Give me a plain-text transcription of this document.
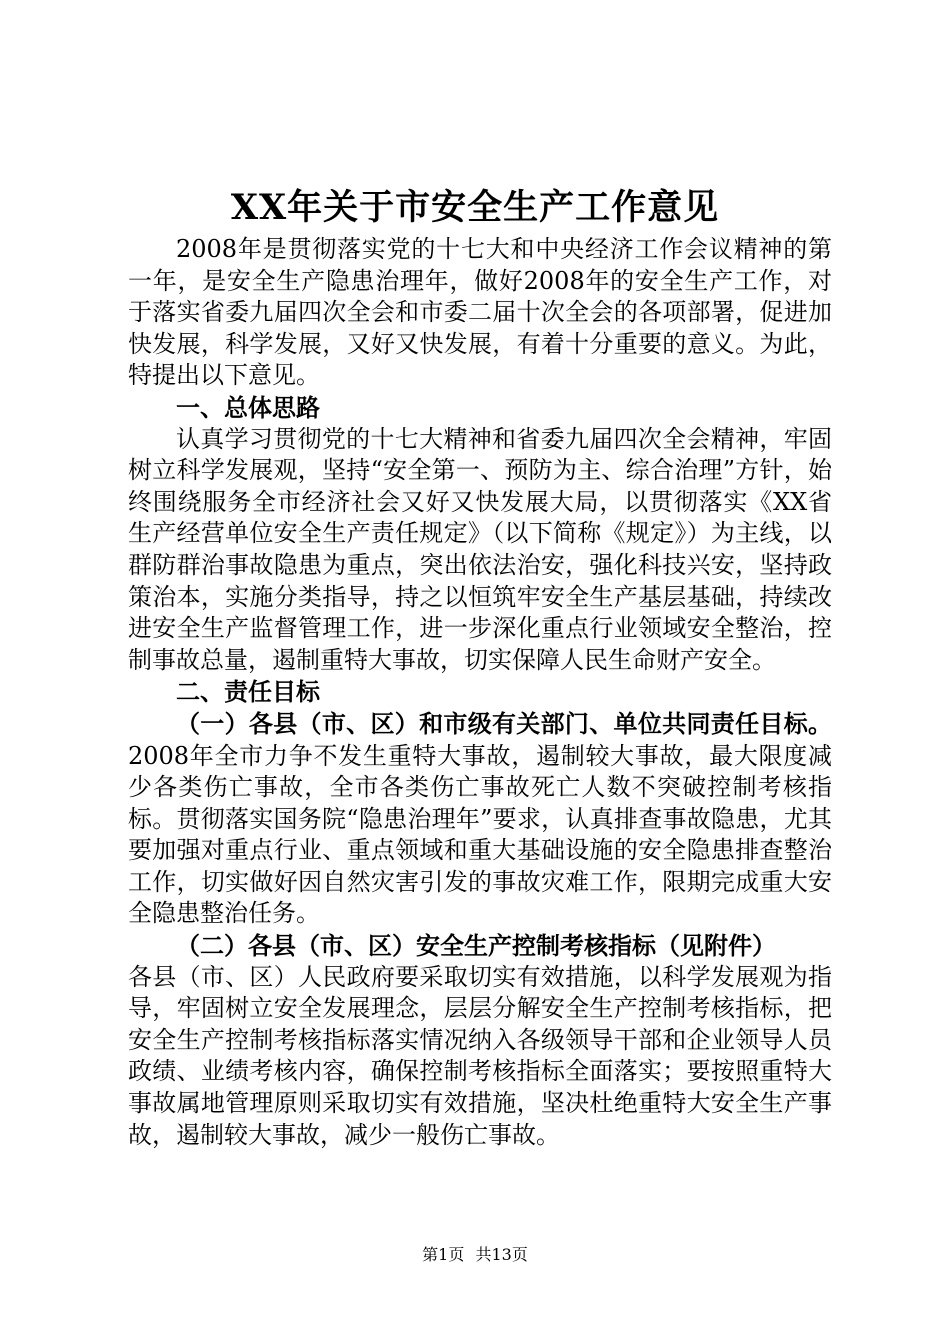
XX年关于市安全生产工作意见

2008年是贯彻落实党的十七大和中央经济工作会议精神的第一年，是安全生产隐患治理年，做好2008年的安全生产工作，对于落实省委九届四次全会和市委二届十次全会的各项部署，促进加快发展，科学发展，又好又快发展，有着十分重要的意义。为此，特提出以下意见。

一、总体思路

认真学习贯彻党的十七大精神和省委九届四次全会精神，牢固树立科学发展观，坚持“安全第一、预防为主、综合治理”方针，始终围绕服务全市经济社会又好又快发展大局，以贯彻落实《XX省生产经营单位安全生产责任规定》（以下简称《规定》）为主线，以群防群治事故隐患为重点，突出依法治安，强化科技兴安，坚持政策治本，实施分类指导，持之以恒筑牢安全生产基层基础，持续改进安全生产监督管理工作，进一步深化重点行业领域安全整治，控制事故总量，遏制重特大事故，切实保障人民生命财产安全。

二、责任目标

（一）各县（市、区）和市级有关部门、单位共同责任目标。2008年全市力争不发生重特大事故，遏制较大事故，最大限度减少各类伤亡事故，全市各类伤亡事故死亡人数不突破控制考核指标。贯彻落实国务院“隐患治理年”要求，认真排查事故隐患，尤其要加强对重点行业、重点领域和重大基础设施的安全隐患排查整治工作，切实做好因自然灾害引发的事故灾难工作，限期完成重大安全隐患整治任务。

（二）各县（市、区）安全生产控制考核指标（见附件）

各县（市、区）人民政府要采取切实有效措施，以科学发展观为指导，牢固树立安全发展理念，层层分解安全生产控制考核指标，把安全生产控制考核指标落实情况纳入各级领导干部和企业领导人员政绩、业绩考核内容，确保控制考核指标全面落实；要按照重特大事故属地管理原则采取切实有效措施，坚决杜绝重特大安全生产事故，遏制较大事故，减少一般伤亡事故。

第1页 共13页
